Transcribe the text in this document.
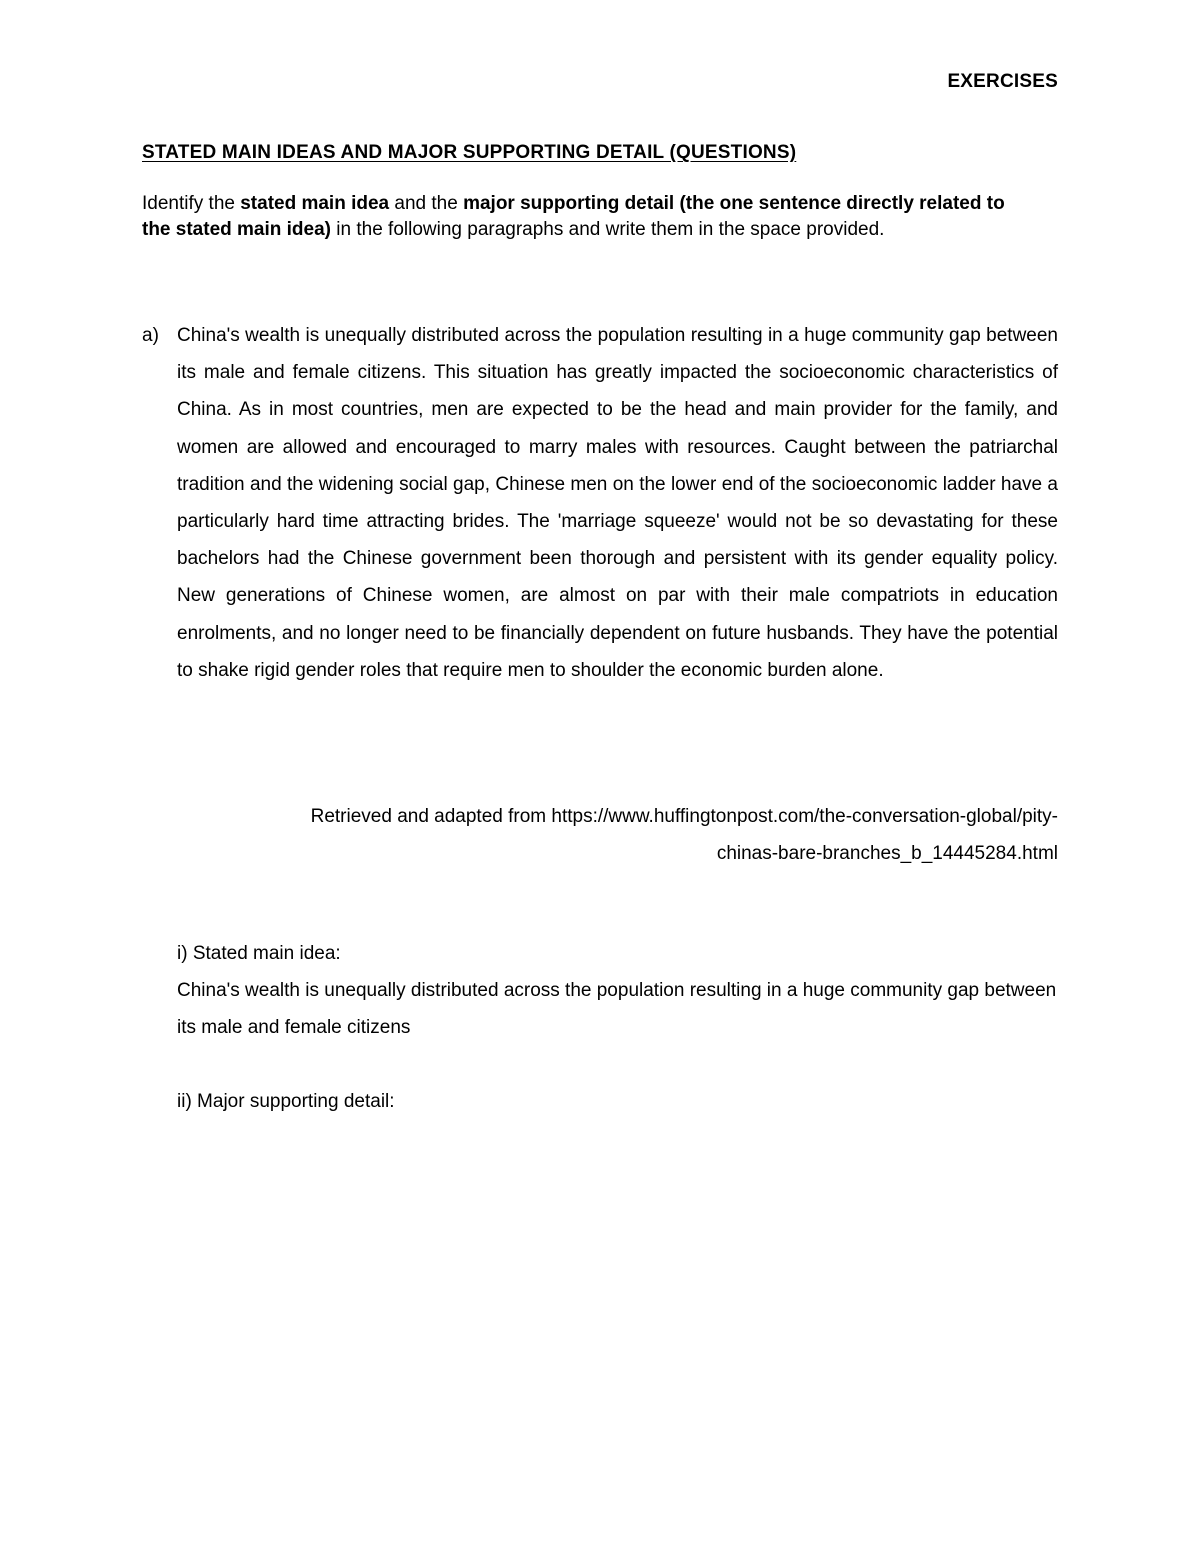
EXERCISES
STATED MAIN IDEAS AND MAJOR SUPPORTING DETAIL (QUESTIONS)
Identify the stated main idea and the major supporting detail (the one sentence directly related to the stated main idea) in the following paragraphs and write them in the space provided.
a) China's wealth is unequally distributed across the population resulting in a huge community gap between its male and female citizens. This situation has greatly impacted the socioeconomic characteristics of China. As in most countries, men are expected to be the head and main provider for the family, and women are allowed and encouraged to marry males with resources. Caught between the patriarchal tradition and the widening social gap, Chinese men on the lower end of the socioeconomic ladder have a particularly hard time attracting brides. The 'marriage squeeze' would not be so devastating for these bachelors had the Chinese government been thorough and persistent with its gender equality policy. New generations of Chinese women, are almost on par with their male compatriots in education enrolments, and no longer need to be financially dependent on future husbands. They have the potential to shake rigid gender roles that require men to shoulder the economic burden alone.
Retrieved and adapted from https://www.huffingtonpost.com/the-conversation-global/pity-
chinas-bare-branches_b_14445284.html
i) Stated main idea:
China's wealth is unequally distributed across the population resulting in a huge community gap between its male and female citizens
ii) Major supporting detail:
